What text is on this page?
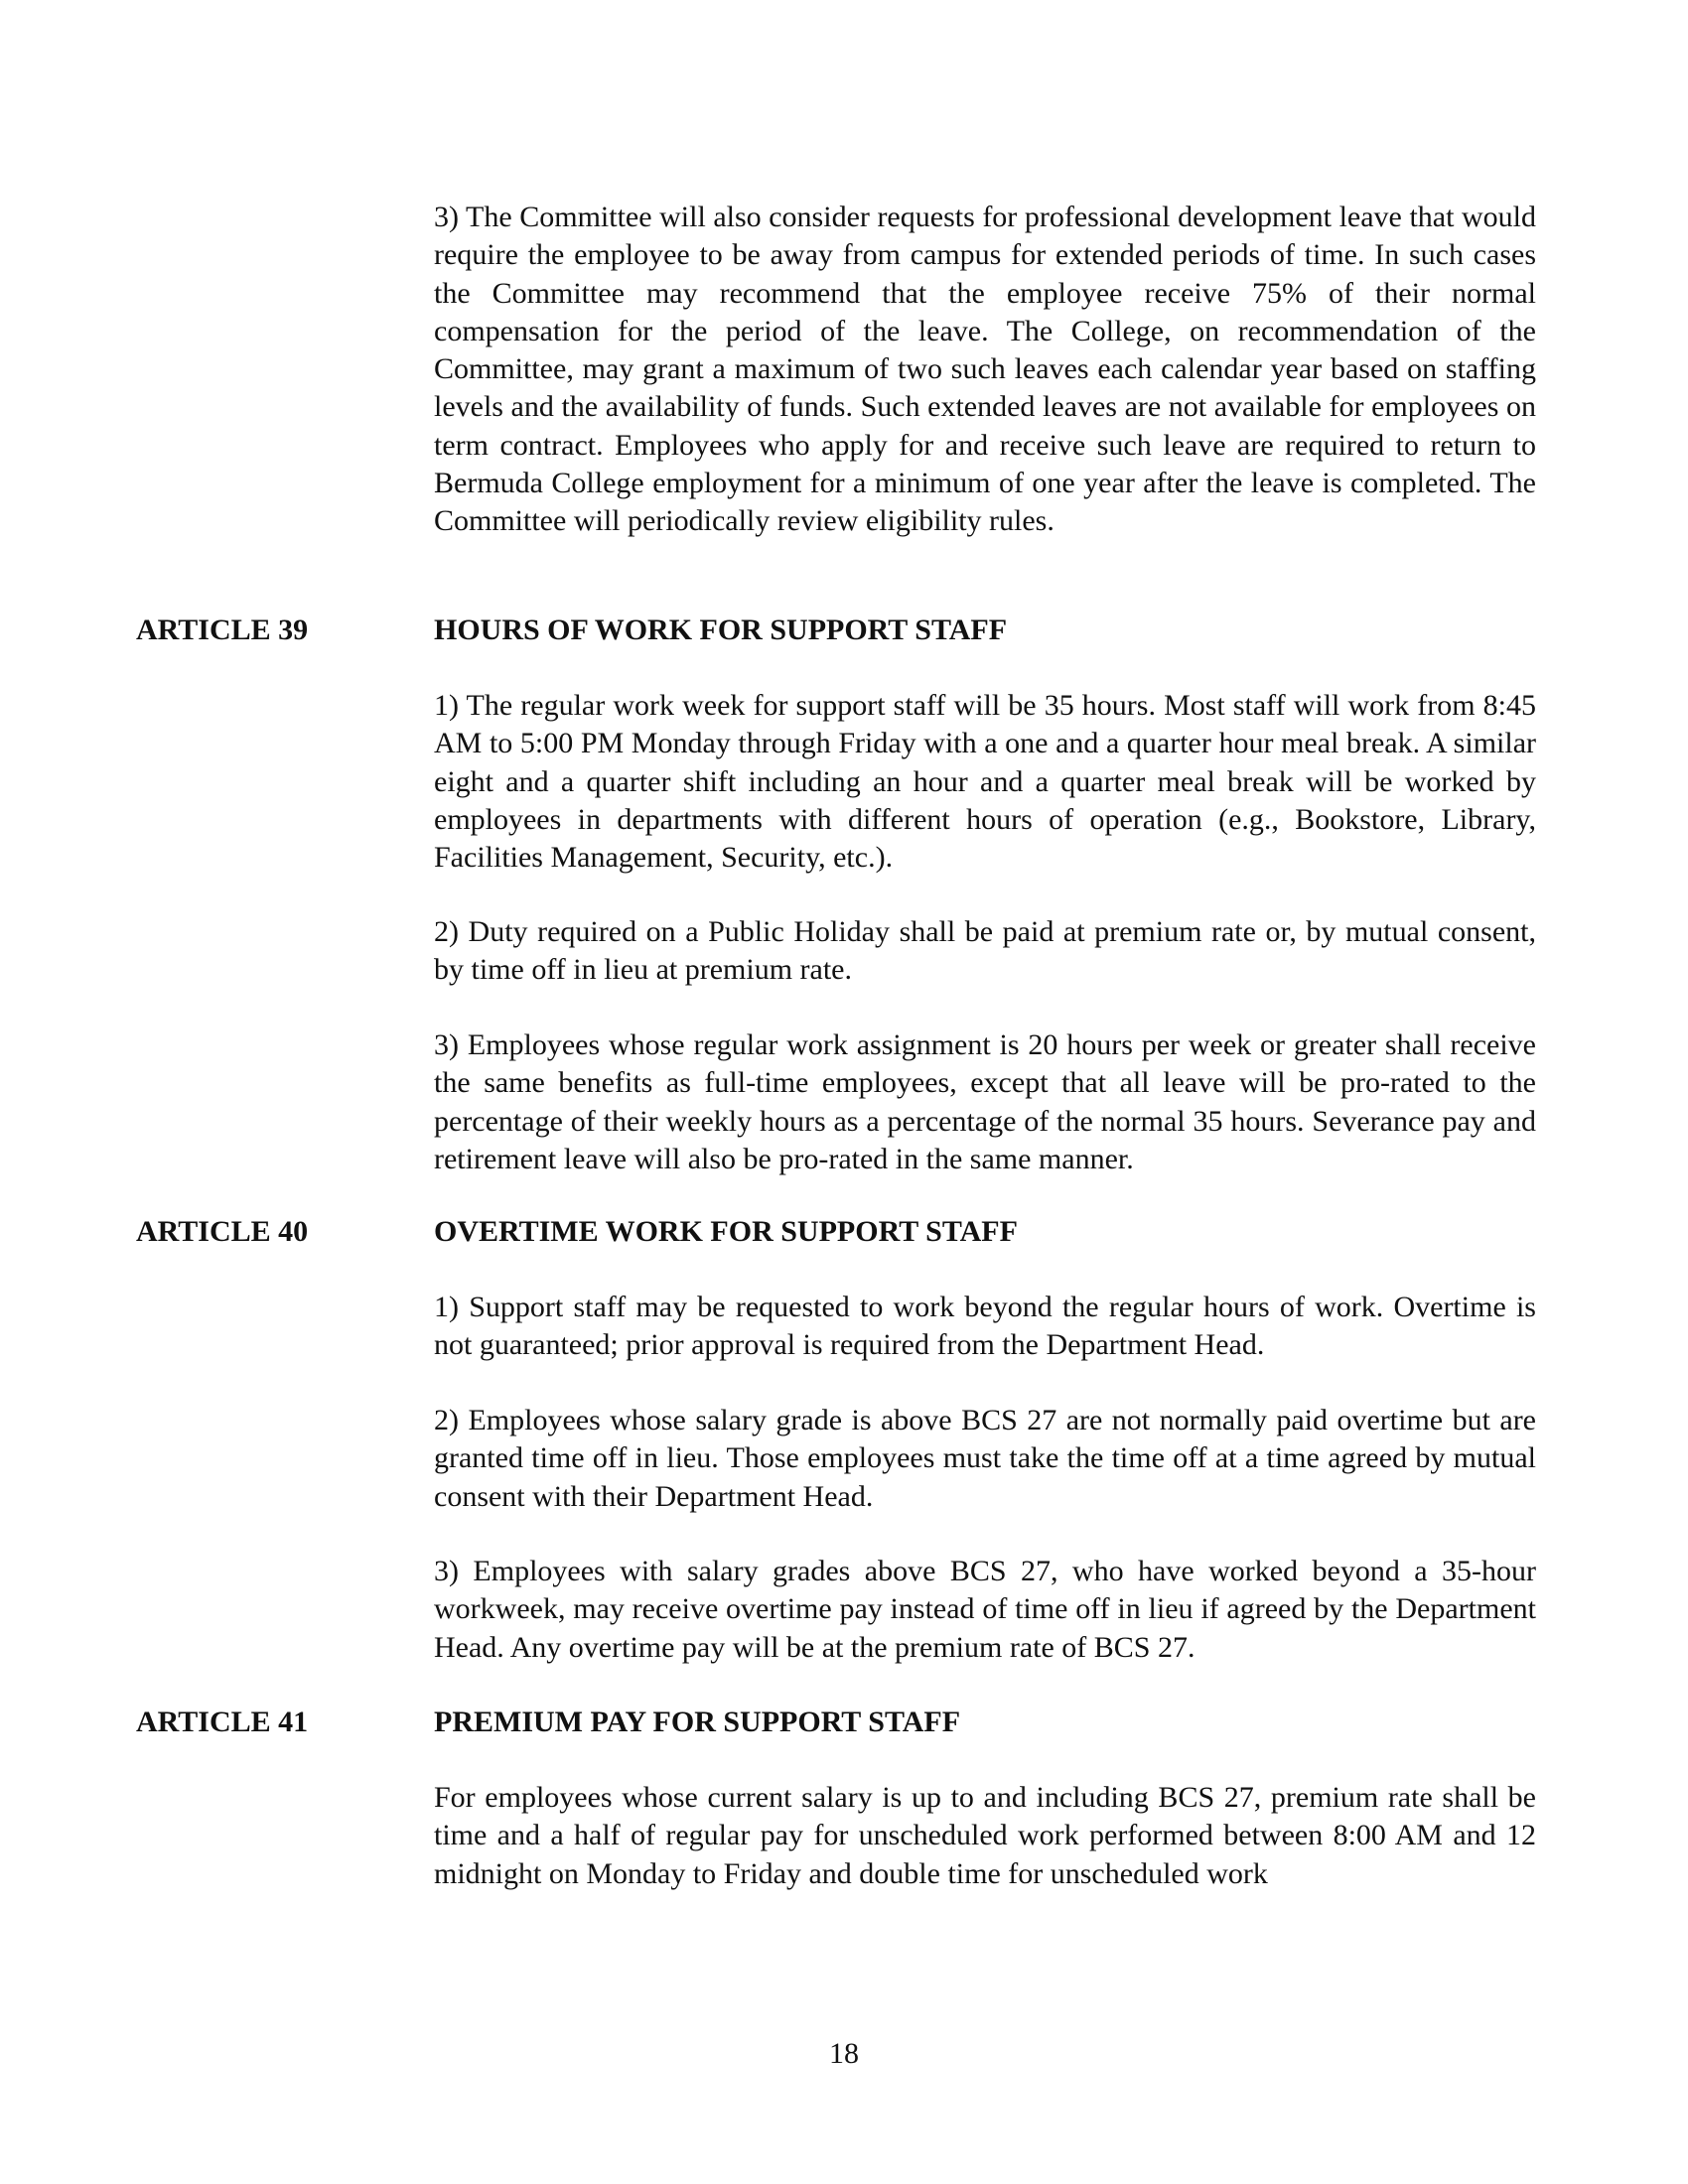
3) The Committee will also consider requests for professional development leave that would require the employee to be away from campus for extended periods of time. In such cases the Committee may recommend that the employee receive 75% of their normal compensation for the period of the leave. The College, on recommendation of the Committee, may grant a maximum of two such leaves each calendar year based on staffing levels and the availability of funds. Such extended leaves are not available for employees on term contract. Employees who apply for and receive such leave are required to return to Bermuda College employment for a minimum of one year after the leave is completed. The Committee will periodically review eligibility rules.

ARTICLE 39	HOURS OF WORK FOR SUPPORT STAFF

1) The regular work week for support staff will be 35 hours. Most staff will work from 8:45 AM to 5:00 PM Monday through Friday with a one and a quarter hour meal break. A similar eight and a quarter shift including an hour and a quarter meal break will be worked by employees in departments with different hours of operation (e.g., Bookstore, Library, Facilities Management, Security, etc.).

2) Duty required on a Public Holiday shall be paid at premium rate or, by mutual consent, by time off in lieu at premium rate.

3) Employees whose regular work assignment is 20 hours per week or greater shall receive the same benefits as full-time employees, except that all leave will be pro-rated to the percentage of their weekly hours as a percentage of the normal 35 hours. Severance pay and retirement leave will also be pro-rated in the same manner.

ARTICLE 40	OVERTIME WORK FOR SUPPORT STAFF

1) Support staff may be requested to work beyond the regular hours of work. Overtime is not guaranteed; prior approval is required from the Department Head.

2) Employees whose salary grade is above BCS 27 are not normally paid overtime but are granted time off in lieu. Those employees must take the time off at a time agreed by mutual consent with their Department Head.

3) Employees with salary grades above BCS 27, who have worked beyond a 35-hour workweek, may receive overtime pay instead of time off in lieu if agreed by the Department Head. Any overtime pay will be at the premium rate of BCS 27.

ARTICLE 41	PREMIUM PAY FOR SUPPORT STAFF

For employees whose current salary is up to and including BCS 27, premium rate shall be time and a half of regular pay for unscheduled work performed between 8:00 AM and 12 midnight on Monday to Friday and double time for unscheduled work

18
